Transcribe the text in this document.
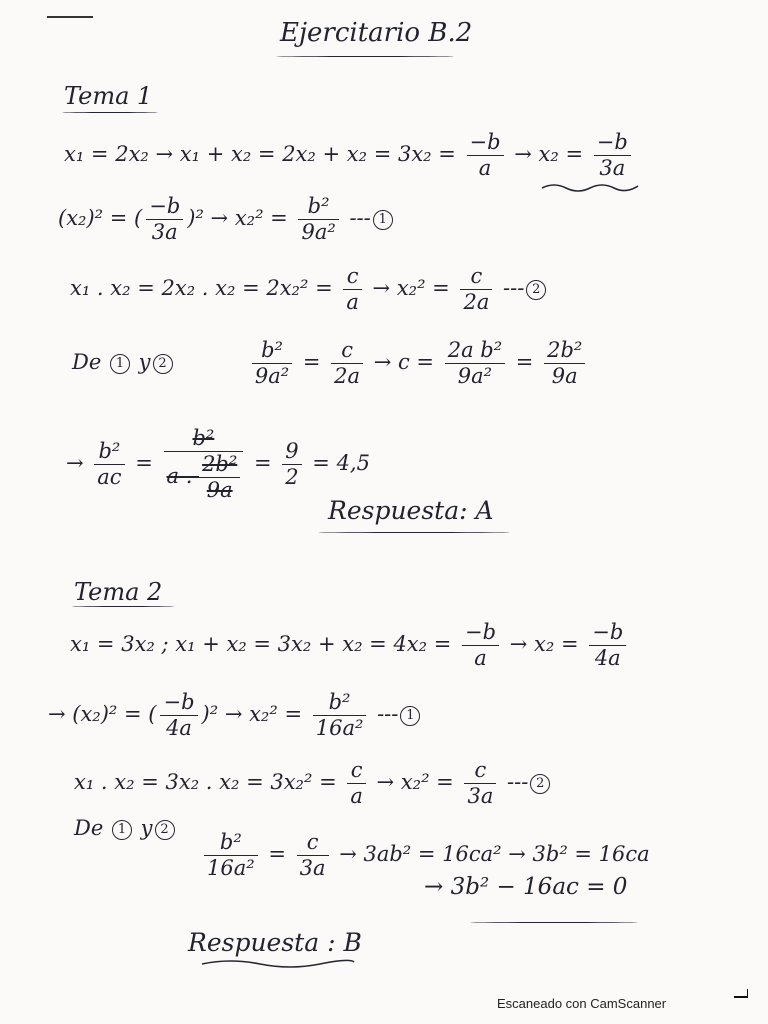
Ejercitario B.2
Tema 1
$x_1 = 2x_2 \to x_1 + x_2 = 2x_2 + x_2 = 3x_2 = \frac{-b}{a} \to x_2 = \frac{-b}{3a}$
(x₂)² = ( $\frac{-b}{3a} )^2 \to x_2^2 = \frac{\text{b²}}{\text{9a²}}$ --- 1
x₁ . x₂ = 2x₂ . $x_2 = 2x_2^2 = \frac{c}{a} \to x_2^2 = \frac{c}{2a}$ --- 2
De 1 y 2	$\frac{\text{b²}}{\text{9a²}} = \frac{c}{2a} \to c = \frac{\text{2a b²}}{\text{9a²}} = \frac{\text{2b²}}{9a}$
→ $\frac{\text{b²}}{ac} = \frac{\text{b²}}{a . \frac{\text{2b²}}{9a}} = \frac{9}{2} = 4,5$
Respuesta: A
Tema 2
x₁ = 3x₂ ; $x_1 + x_2 = 3x_2 + x_2 = 4x_2 = \frac{-b}{a} \to x_2 = \frac{-b}{4a}$
→ (x₂)² = ( $\frac{-b}{4a} )^2 \to x_2^2 = \frac{\text{b²}}{\text{16a²}}$ --- 1
x₁ . x₂ = 3x₂ . $x_2 = 3x_2^2 = \frac{c}{a} \to x_2^2 = \frac{c}{3a}$ --- 2
De 1 y 2
$\frac{\text{b²}}{\text{16a²}} = \frac{c}{3a} \to 3ab^2 = 16ca^2 \to 3b^2 = 16ca$
→ 3b² − 16ac = 0
Respuesta : B
Escaneado con CamScanner
